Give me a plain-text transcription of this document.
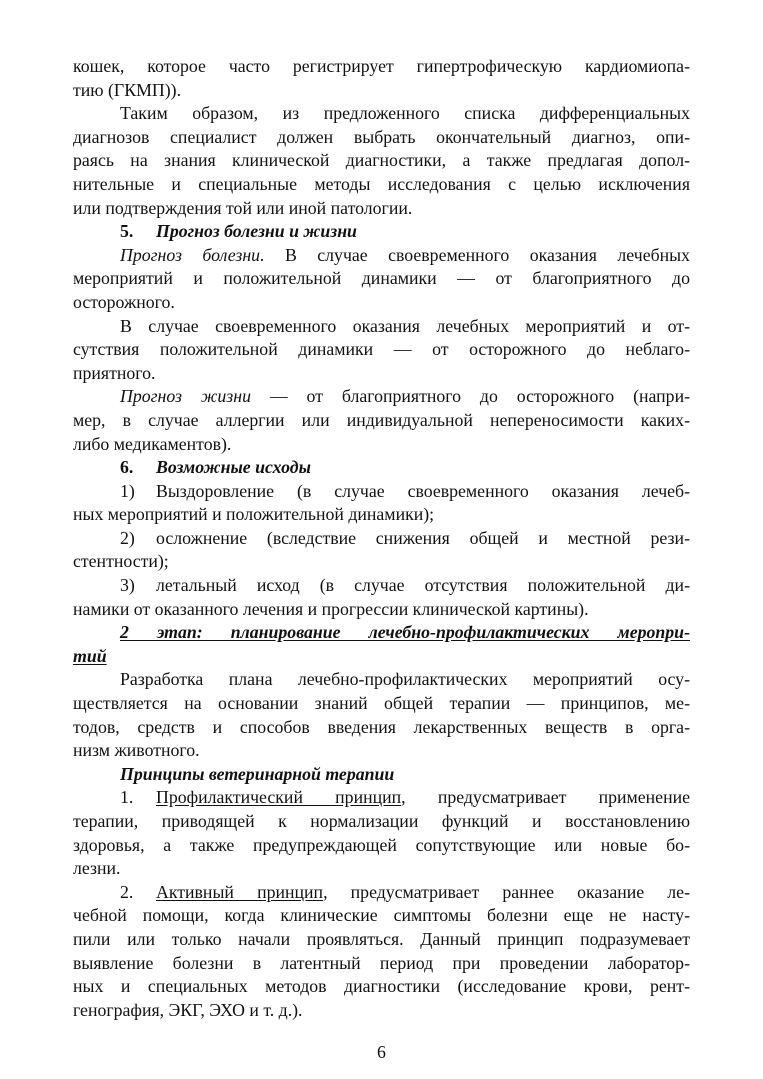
кошек, которое часто регистрирует гипертрофическую кардиомиопа-
тию (ГКМП)).
Таким образом, из предложенного списка дифференциальных
диагнозов специалист должен выбрать окончательный диагноз, опи-
раясь на знания клинической диагностики, а также предлагая допол-
нительные и специальные методы исследования с целью исключения
или подтверждения той или иной патологии.
5. Прогноз болезни и жизни
Прогноз болезни. В случае своевременного оказания лечебных
мероприятий и положительной динамики — от благоприятного до
осторожного.
В случае своевременного оказания лечебных мероприятий и от-
сутствия положительной динамики — от осторожного до неблаго-
приятного.
Прогноз жизни — от благоприятного до осторожного (напри-
мер, в случае аллергии или индивидуальной непереносимости каких-
либо медикаментов).
6. Возможные исходы
1) Выздоровление (в случае своевременного оказания лечеб-
ных мероприятий и положительной динамики);
2) осложнение (вследствие снижения общей и местной рези-
стентности);
3) летальный исход (в случае отсутствия положительной ди-
намики от оказанного лечения и прогрессии клинической картины).
2 этап: планирование лечебно-профилактических меропри-
тий
Разработка плана лечебно-профилактических мероприятий осу-
ществляется на основании знаний общей терапии — принципов, ме-
тодов, средств и способов введения лекарственных веществ в орга-
низм животного.
Принципы ветеринарной терапии
1. Профилактический принцип, предусматривает применение
терапии, приводящей к нормализации функций и восстановлению
здоровья, а также предупреждающей сопутствующие или новые бо-
лезни.
2. Активный принцип, предусматривает раннее оказание ле-
чебной помощи, когда клинические симптомы болезни еще не насту-
пили или только начали проявляться. Данный принцип подразумевает
выявление болезни в латентный период при проведении лаборатор-
ных и специальных методов диагностики (исследование крови, рент-
генография, ЭКГ, ЭХО и т. д.).
6
